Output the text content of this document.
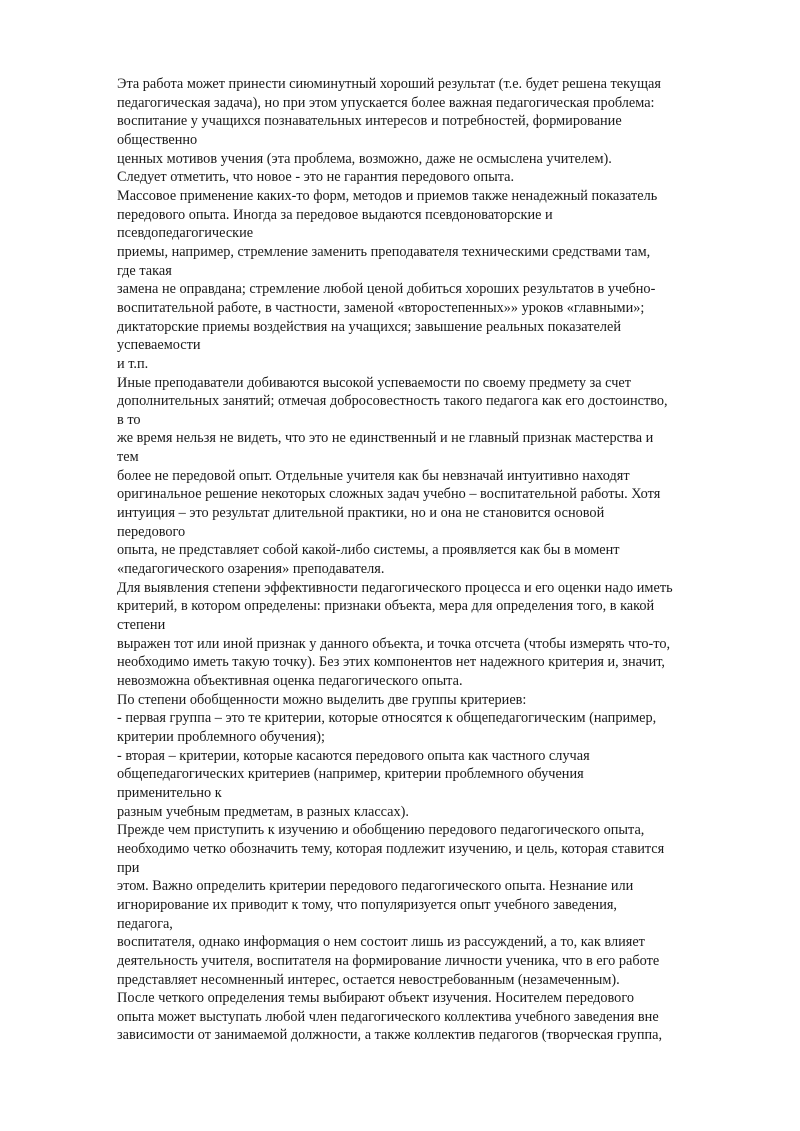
Эта работа может принести сиюминутный хороший результат (т.е. будет решена текущая
педагогическая задача), но при этом упускается более важная педагогическая проблема:
воспитание у учащихся познавательных интересов и потребностей, формирование
общественно
ценных мотивов учения (эта проблема, возможно, даже не осмыслена учителем).
Следует отметить, что новое - это не гарантия передового опыта.
Массовое применение каких-то форм, методов и приемов также ненадежный показатель
передового опыта. Иногда за передовое выдаются псевдоноваторские и
псевдопедагогические
приемы, например, стремление заменить преподавателя техническими средствами там,
где такая
замена не оправдана; стремление любой ценой добиться хороших результатов в учебно-
воспитательной работе, в частности, заменой «второстепенных»» уроков «главными»;
диктаторские приемы воздействия на учащихся; завышение реальных показателей
успеваемости
и т.п.
Иные преподаватели добиваются высокой успеваемости по своему предмету за счет
дополнительных занятий; отмечая добросовестность такого педагога как его достоинство,
в то
же время нельзя не видеть, что это не единственный и не главный признак мастерства и
тем
более не передовой опыт. Отдельные учителя как бы невзначай интуитивно находят
оригинальное решение некоторых сложных задач учебно – воспитательной работы. Хотя
интуиция – это результат длительной практики, но и она не становится основой
передового
опыта, не представляет собой какой-либо системы, а проявляется как бы в момент
«педагогического озарения» преподавателя.
Для выявления степени эффективности педагогического процесса и его оценки надо иметь
критерий, в котором определены: признаки объекта, мера для определения того, в какой
степени
выражен тот или иной признак у данного объекта, и точка отсчета (чтобы измерять что-то,
необходимо иметь такую точку). Без этих компонентов нет надежного критерия и, значит,
невозможна объективная оценка педагогического опыта.
По степени обобщенности можно выделить две группы критериев:
- первая группа – это те критерии, которые относятся к общепедагогическим (например,
критерии проблемного обучения);
- вторая – критерии, которые касаются передового опыта как частного случая
общепедагогических критериев (например, критерии проблемного обучения
применительно к
разным учебным предметам, в разных классах).
Прежде чем приступить к изучению и обобщению передового педагогического опыта,
необходимо четко обозначить тему, которая подлежит изучению, и цель, которая ставится
при
этом. Важно определить критерии передового педагогического опыта. Незнание или
игнорирование их приводит к тому, что популяризуется опыт учебного заведения,
педагога,
воспитателя, однако информация о нем состоит лишь из рассуждений, а то, как влияет
деятельность учителя, воспитателя на формирование личности ученика, что в его работе
представляет несомненный интерес, остается невостребованным (незамеченным).
После четкого определения темы выбирают объект изучения. Носителем передового
опыта может выступать любой член педагогического коллектива учебного заведения вне
зависимости от занимаемой должности, а также коллектив педагогов (творческая группа,
